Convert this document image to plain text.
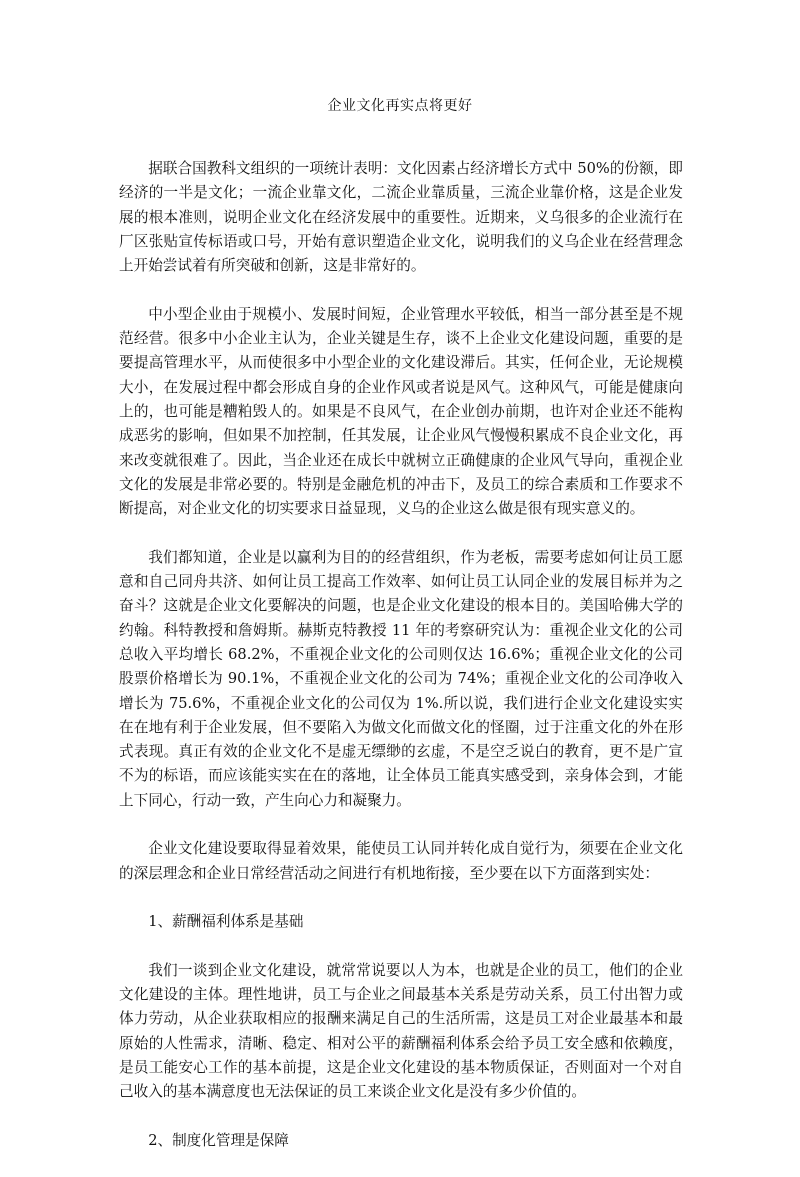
企业文化再实点将更好

据联合国教科文组织的一项统计表明：文化因素占经济增长方式中 50%的份额，即经济的一半是文化；一流企业靠文化，二流企业靠质量，三流企业靠价格，这是企业发展的根本准则，说明企业文化在经济发展中的重要性。近期来，义乌很多的企业流行在厂区张贴宣传标语或口号，开始有意识塑造企业文化，说明我们的义乌企业在经营理念上开始尝试着有所突破和创新，这是非常好的。

中小型企业由于规模小、发展时间短，企业管理水平较低，相当一部分甚至是不规范经营。很多中小企业主认为，企业关键是生存，谈不上企业文化建设问题，重要的是要提高管理水平，从而使很多中小型企业的文化建设滞后。其实，任何企业，无论规模大小，在发展过程中都会形成自身的企业作风或者说是风气。这种风气，可能是健康向上的，也可能是糟粕毁人的。如果是不良风气，在企业创办前期，也许对企业还不能构成恶劣的影响，但如果不加控制，任其发展，让企业风气慢慢积累成不良企业文化，再来改变就很难了。因此，当企业还在成长中就树立正确健康的企业风气导向，重视企业文化的发展是非常必要的。特别是金融危机的冲击下，及员工的综合素质和工作要求不断提高，对企业文化的切实要求日益显现，义乌的企业这么做是很有现实意义的。

我们都知道，企业是以赢利为目的的经营组织，作为老板，需要考虑如何让员工愿意和自己同舟共济、如何让员工提高工作效率、如何让员工认同企业的发展目标并为之奋斗？这就是企业文化要解决的问题，也是企业文化建设的根本目的。美国哈佛大学的约翰。科特教授和詹姆斯。赫斯克特教授 11 年的考察研究认为：重视企业文化的公司总收入平均增长 68.2%，不重视企业文化的公司则仅达 16.6%；重视企业文化的公司股票价格增长为 90.1%，不重视企业文化的公司为 74%；重视企业文化的公司净收入增长为 75.6%，不重视企业文化的公司仅为 1%.所以说，我们进行企业文化建设实实在在地有利于企业发展，但不要陷入为做文化而做文化的怪圈，过于注重文化的外在形式表现。真正有效的企业文化不是虚无缥缈的玄虚，不是空乏说白的教育，更不是广宣不为的标语，而应该能实实在在的落地，让全体员工能真实感受到，亲身体会到，才能上下同心，行动一致，产生向心力和凝聚力。

企业文化建设要取得显着效果，能使员工认同并转化成自觉行为，须要在企业文化的深层理念和企业日常经营活动之间进行有机地衔接，至少要在以下方面落到实处：

1、薪酬福利体系是基础

我们一谈到企业文化建设，就常常说要以人为本，也就是企业的员工，他们的企业文化建设的主体。理性地讲，员工与企业之间最基本关系是劳动关系，员工付出智力或体力劳动，从企业获取相应的报酬来满足自己的生活所需，这是员工对企业最基本和最原始的人性需求，清晰、稳定、相对公平的薪酬福利体系会给予员工安全感和依赖度，是员工能安心工作的基本前提，这是企业文化建设的基本物质保证，否则面对一个对自己收入的基本满意度也无法保证的员工来谈企业文化是没有多少价值的。

2、制度化管理是保障
